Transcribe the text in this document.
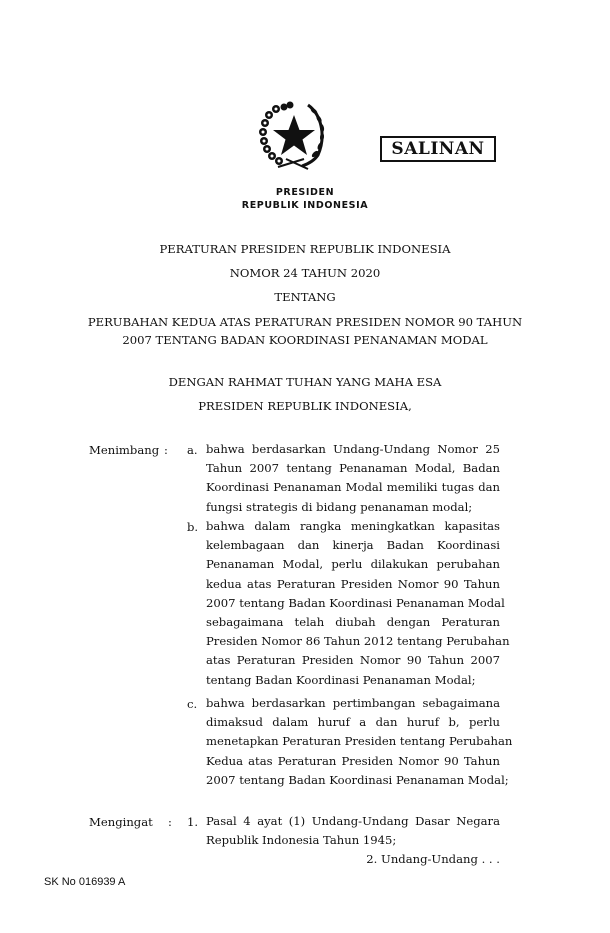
SALINAN
PRESIDEN
REPUBLIK INDONESIA
PERATURAN PRESIDEN REPUBLIK INDONESIA
NOMOR 24 TAHUN 2020
TENTANG
PERUBAHAN KEDUA ATAS PERATURAN PRESIDEN NOMOR 90 TAHUN
2007 TENTANG BADAN KOORDINASI PENANAMAN MODAL
DENGAN RAHMAT TUHAN YANG MAHA ESA
PRESIDEN REPUBLIK INDONESIA,
Menimbang : a. bahwa berdasarkan Undang-Undang Nomor 25
Tahun 2007 tentang Penanaman Modal, Badan
Koordinasi Penanaman Modal memiliki tugas dan
fungsi strategis di bidang penanaman modal;
b. bahwa dalam rangka meningkatkan kapasitas
kelembagaan dan kinerja Badan Koordinasi
Penanaman Modal, perlu dilakukan perubahan
kedua atas Peraturan Presiden Nomor 90 Tahun
2007 tentang Badan Koordinasi Penanaman Modal
sebagaimana telah diubah dengan Peraturan
Presiden Nomor 86 Tahun 2012 tentang Perubahan
atas Peraturan Presiden Nomor 90 Tahun 2007
tentang Badan Koordinasi Penanaman Modal;
c. bahwa berdasarkan pertimbangan sebagaimana
dimaksud dalam huruf a dan huruf b, perlu
menetapkan Peraturan Presiden tentang Perubahan
Kedua atas Peraturan Presiden Nomor 90 Tahun
2007 tentang Badan Koordinasi Penanaman Modal;
Mengingat : 1. Pasal 4 ayat (1) Undang-Undang Dasar Negara
Republik Indonesia Tahun 1945;
2. Undang-Undang . . .
SK No 016939 A
